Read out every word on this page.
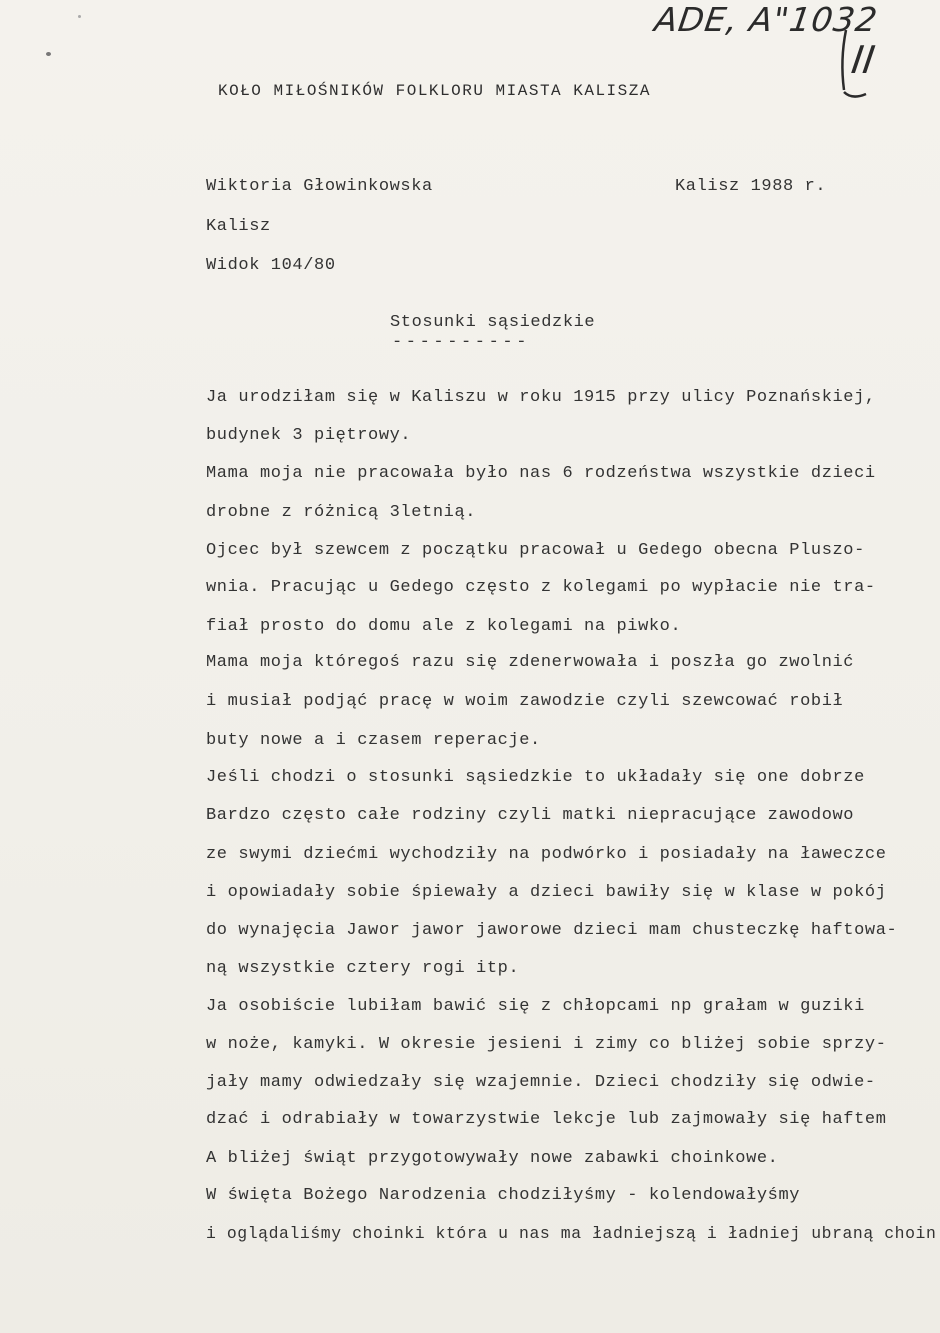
ADE, A"1032
II
KOŁO MIŁOŚNIKÓW FOLKLORU MIASTA KALISZA
Wiktoria Głowinkowska	Kalisz 1988 r.
Kalisz
Widok 104/80
Stosunki sąsiedzkie
----------
Ja urodziłam się w Kaliszu w roku 1915 przy ulicy Poznańskiej,
budynek 3 piętrowy.
Mama moja nie pracowała było nas 6 rodzeństwa wszystkie dzieci
drobne z różnicą 3letnią.
Ojcec był szewcem z początku pracował u Gedego obecna Pluszo-
wnia. Pracując u Gedego często z kolegami po wypłacie nie tra-
fiał prosto do domu ale z kolegami na piwko.
Mama moja któregoś razu się zdenerwowała i poszła go zwolnić
i musiał podjąć pracę w woim zawodzie czyli szewcować robił
buty nowe a i czasem reperacje.
Jeśli chodzi o stosunki sąsiedzkie to układały się one dobrze
Bardzo często całe rodziny czyli matki niepracujące zawodowo
ze swymi dziećmi wychodziły na podwórko i posiadały na ławeczce
i opowiadały sobie śpiewały a dzieci bawiły się w klase w pokój
do wynajęcia Jawor jawor jaworowe dzieci mam chusteczkę haftowa-
ną wszystkie cztery rogi itp.
Ja osobiście lubiłam bawić się z chłopcami np grałam w guziki
w noże, kamyki. W okresie jesieni i zimy co bliżej sobie sprzy-
jały mamy odwiedzały się wzajemnie. Dzieci chodziły się odwie-
dzać i odrabiały w towarzystwie lekcje lub zajmowały się haftem
A bliżej świąt przygotowywały nowe zabawki choinkowe.
W święta Bożego Narodzenia chodziłyśmy - kolendowałyśmy
i oglądaliśmy choinki która u nas ma ładniejszą i ładniej ubraną choin
